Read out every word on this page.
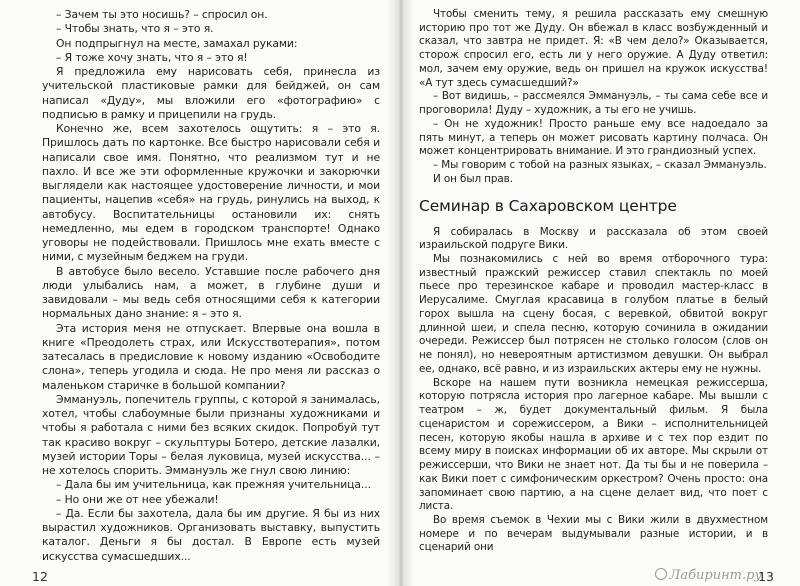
– Зачем ты это носишь? – спросил он.

– Чтобы знать, что я – это я.

Он подпрыгнул на месте, замахал руками:

– Я тоже хочу знать, что я – это я!

Я предложила ему нарисовать себя, принесла из учительской пластиковые рамки для бейджей, он сам написал «Дуду», мы вложили его «фотографию» с подписью в рамку и прицепили на грудь.

Конечно же, всем захотелось ощутить: я – это я. Пришлось дать по картонке. Все быстро нарисовали себя и написали свое имя. Понятно, что реализмом тут и не пахло. И все же эти оформленные кружочки и закорючки выглядели как настоящее удостоверение личности, и мои пациенты, нацепив «себя» на грудь, ринулись на выход, к автобусу. Воспитательницы остановили их: снять немедленно, мы едем в городском транспорте! Однако уговоры не подействовали. Пришлось мне ехать вместе с ними, с музейным беджем на груди.

В автобусе было весело. Уставшие после рабочего дня люди улыбались нам, а может, в глубине души и завидовали – мы ведь себя относящими себя к категории нормальных дано знание: я – это я.

Эта история меня не отпускает. Впервые она вошла в книге «Преодолеть страх, или Искусствотерапия», потом затесалась в предисловие к новому изданию «Освободите слона», теперь угодила и сюда. Не про меня ли рассказ о маленьком старичке в большой компании?

Эммануэль, попечитель группы, с которой я занималась, хотел, чтобы слабоумные были признаны художниками и чтобы я работала с ними без всяких скидок. Попробуй тут так красиво вокруг – скульптуры Ботеро, детские лазалки, музей истории Торы – белая луковица, музей искусства... – не хотелось спорить. Эммануэль же гнул свою линию:

– Дала бы им учительница, как прежняя учительница...

– Но они же от нее убежали!

– Да. Если бы захотела, дала бы им другие. Я бы из них вырастил художников. Организовать выставку, выпустить каталог. Деньги я бы достал. В Европе есть музей искусства сумасшедших...

12

Чтобы сменить тему, я решила рассказать ему смешную историю про тот же Дуду. Он вбежал в класс возбужденный и сказал, что завтра не придет. Я: «В чем дело?» Оказывается, сторож спросил его, есть ли у него оружие. А Дуду ответил: мол, зачем ему оружие, ведь он пришел на кружок искусства! «А тут здесь сумасшедший?»

– Вот видишь, – рассмеялся Эммануэль, – ты сама себе все и проговорила! Дуду – художник, а ты его не учишь.

– Он не художник! Просто раньше ему все надоедало за пять минут, а теперь он может рисовать картину полчаса. Он может концентрировать внимание. И это грандиозный успех.

– Мы говорим с тобой на разных языках, – сказал Эммануэль.

И он был прав.

Семинар в Сахаровском центре

Я собиралась в Москву и рассказала об этом своей израильской подруге Вики.

Мы познакомились с ней во время отборочного тура: известный пражский режиссер ставил спектакль по моей пьесе про терезинское кабаре и проводил мастер-класс в Иерусалиме. Смуглая красавица в голубом платье в белый горох вышла на сцену босая, с веревкой, обвитой вокруг длинной шеи, и спела песню, которую сочинила в ожидании очереди. Режиссер был потрясен не столько голосом (слов он не понял), но невероятным артистизмом девушки. Он выбрал ее, однако, всё равно, и из израильских актеры ему не нужны.

Вскоре на нашем пути возникла немецкая режиссерша, которую потрясла история про лагерное кабаре. Мы вышли с театром – ж, будет документальный фильм. Я была сценаристом и сорежиссером, а Вики – исполнительницей песен, которую якобы нашла в архиве и с тех пор ездит по всему миру в поисках информации об их авторе. Мы скрыли от режиссерши, что Вики не знает нот. Да ты бы и не поверила – как Вики поет с симфоническим оркестром? Очень просто: она запоминает свою партию, а на сцене делает вид, что поет с листа.

Во время съемок в Чехии мы с Вики жили в двухместном номере и по вечерам выдумывали разные истории, и в сценарий они

Лабиринт.ру
13
